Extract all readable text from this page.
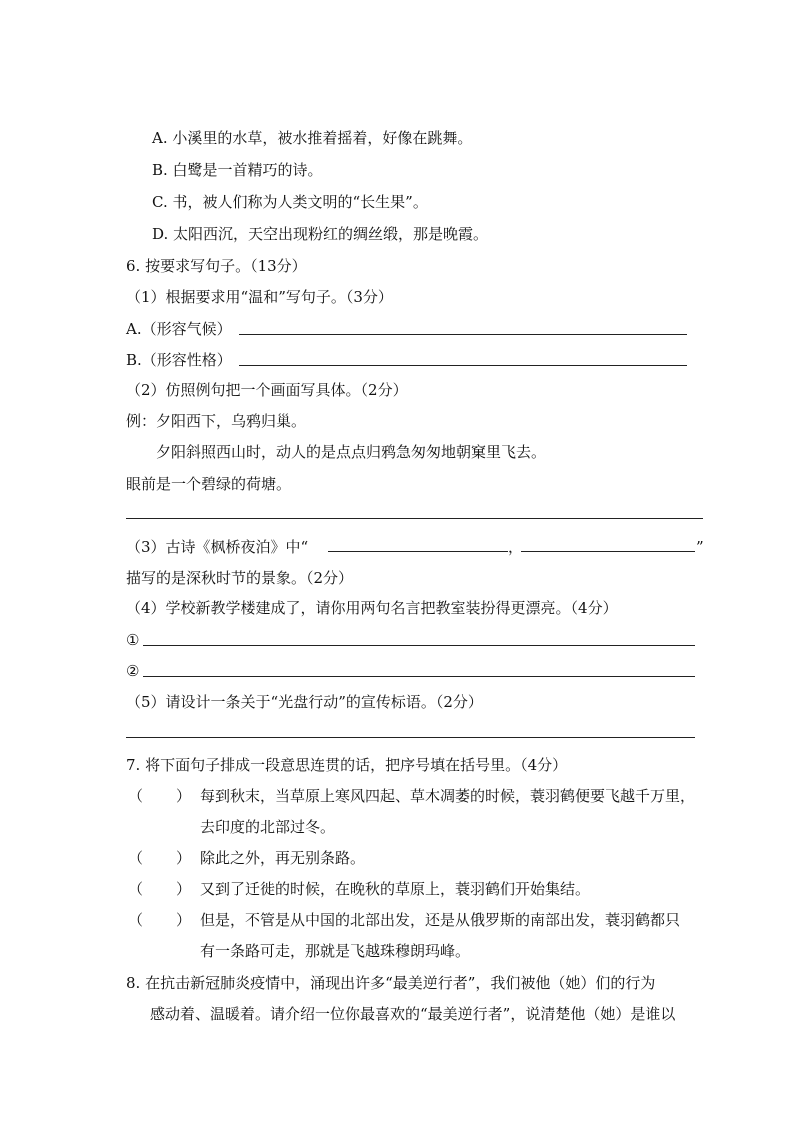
A. 小溪里的水草，被水推着摇着，好像在跳舞。
B. 白鹭是一首精巧的诗。
C. 书，被人们称为人类文明的“长生果”。
D. 太阳西沉，天空出现粉红的绸丝缎，那是晚霞。
6. 按要求写句子。（13分）
（1）根据要求用“温和”写句子。（3分）
A.（形容气候）
B.（形容性格）
（2）仿照例句把一个画面写具体。（2分）
例：夕阳西下，乌鸦归巢。
夕阳斜照西山时，动人的是点点归鸦急匆匆地朝窠里飞去。
眼前是一个碧绿的荷塘。
（3）古诗《枫桥夜泊》中“	，	”
描写的是深秋时节的景象。（2分）
（4）学校新教学楼建成了，请你用两句名言把教室装扮得更漂亮。（4分）
①
②
（5）请设计一条关于“光盘行动”的宣传标语。（2分）
7. 将下面句子排成一段意思连贯的话，把序号填在括号里。（4分）
（ ） 每到秋末，当草原上寒风四起、草木凋萎的时候，蓑羽鹤便要飞越千万里，
去印度的北部过冬。
（ ） 除此之外，再无别条路。
（ ） 又到了迁徙的时候，在晚秋的草原上，蓑羽鹤们开始集结。
（ ） 但是，不管是从中国的北部出发，还是从俄罗斯的南部出发，蓑羽鹤都只
有一条路可走，那就是飞越珠穆朗玛峰。
8. 在抗击新冠肺炎疫情中，涌现出许多“最美逆行者”，我们被他（她）们的行为
感动着、温暖着。请介绍一位你最喜欢的“最美逆行者”，说清楚他（她）是谁以
